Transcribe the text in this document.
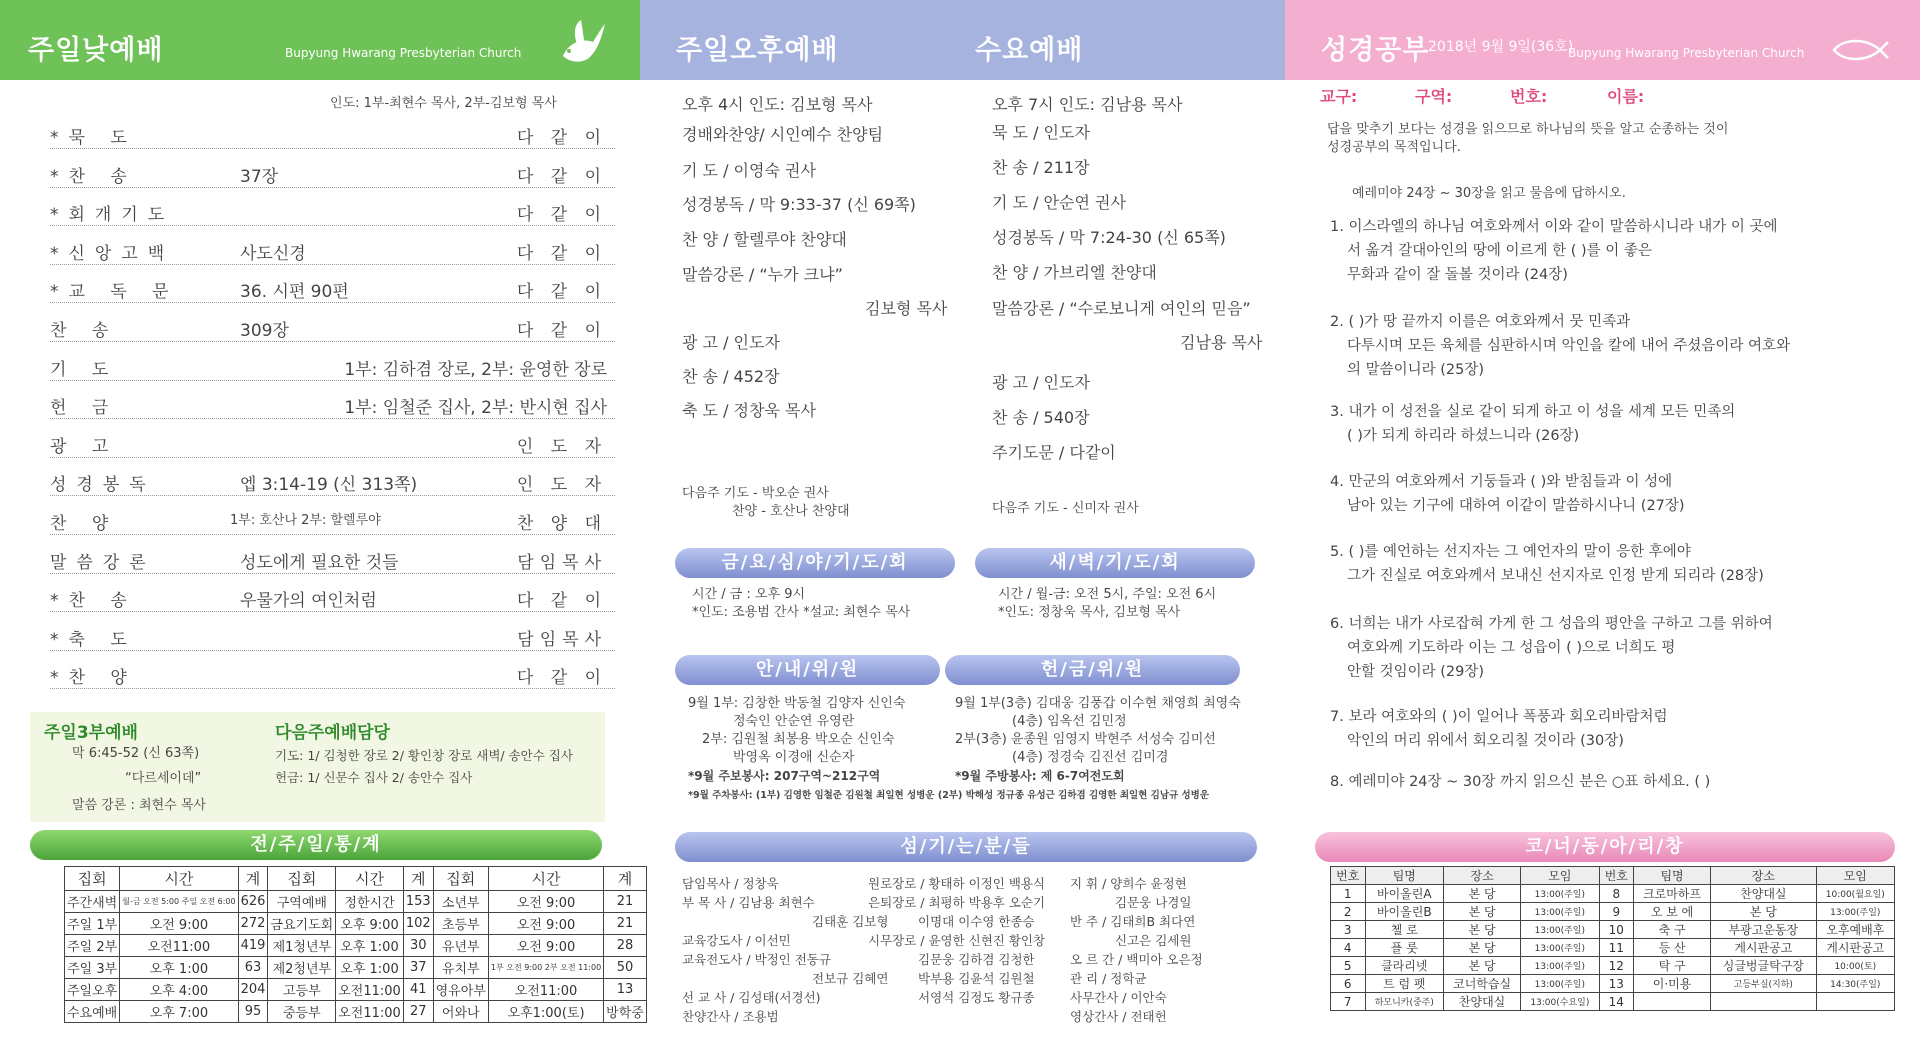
주일낮예배	Bupyung Hwarang Presbyterian Church
인도: 1부-최현수 목사, 2부-김보형 목사
*묵 도	다 같 이
*찬 송	37장	다 같 이
*회개기도	다 같 이
*신앙고백	사도신경	다 같 이
*교 독 문	36. 시편 90편	다 같 이
찬 송	309장	다 같 이
기 도	1부: 김하겸 장로, 2부: 윤영한 장로
헌 금	1부: 임철준 집사, 2부: 반시현 집사
광 고	인 도 자
성경봉독	엡 3:14-19 (신 313쪽)	인 도 자
찬 양	1부: 호산나 2부: 할렐루야	찬 양 대
말씀강론	성도에게 필요한 것들	담임목사
*찬 송	우물가의 여인처럼	다 같 이
*축 도	담임목사
*찬 양	다 같 이
주일3부예배
막 6:45-52 (신 63쪽)
“다르세이데”
말씀 강론 : 최현수 목사
다음주예배담당
기도: 1/ 김청한 장로 2/ 황인창 장로 새벽/ 송안수 집사
헌금: 1/ 신문수 집사 2/ 송안수 집사
전/주/일/통/계
집회	시간	계	집회	시간	계	집회	시간	계
주간새벽	월-금 오전 5:00 주일 오전 6:00	626	구역예배	정한시간	153	소년부	오전 9:00	21
주일 1부	오전 9:00	272	금요기도회	오후 9:00	102	초등부	오전 9:00	21
주일 2부	오전11:00	419	제1청년부	오후 1:00	30	유년부	오전 9:00	28
주일 3부	오후 1:00	63	제2청년부	오후 1:00	37	유치부	1부 오전 9:00 2부 오전 11:00	50
주일오후	오후 4:00	204	고등부	오전11:00	41	영유아부	오전11:00	13
수요예배	오후 7:00	95	중등부	오전11:00	27	어와나	오후1:00(토)	방학중
주일오후예배	수요예배
오후 4시 인도: 김보형 목사
경배와찬양/ 시인예수 찬양팀
기 도 / 이영숙 권사
성경봉독 / 막 9:33-37 (신 69쪽)
찬 양 / 할렐루야 찬양대
말씀강론 / “누가 크냐”
김보형 목사
광 고 / 인도자
찬 송 / 452장
축 도 / 정창욱 목사
다음주 기도 - 박오순 권사
찬양 - 호산나 찬양대
오후 7시 인도: 김남용 목사
묵 도 / 인도자
찬 송 / 211장
기 도 / 안순연 권사
성경봉독 / 막 7:24-30 (신 65쪽)
찬 양 / 가브리엘 찬양대
말씀강론 / “수로보니게 여인의 믿음”
김남용 목사
광 고 / 인도자
찬 송 / 540장
주기도문 / 다같이
다음주 기도 - 신미자 권사
금/요/심/야/기/도/회
시간 / 금 : 오후 9시
*인도: 조용범 간사 *설교: 최현수 목사
새/벽/기/도/회
시간 / 월-금: 오전 5시, 주일: 오전 6시
*인도: 정창욱 목사, 김보형 목사
안/내/위/원
9월 1부: 김창한 박동철 김양자 신인숙
정숙인 안순연 유영란
2부: 김원철 최봉용 박오순 신인숙
박영옥 이경애 신순자
헌/금/위/원
9월 1부(3층) 김대웅 김풍갑 이수현 채영희 최영숙
(4층) 임옥선 김민정
2부(3층) 윤종원 임영지 박현주 서성숙 김미선
(4층) 정경숙 김진선 김미경
*9월 주보봉사: 207구역~212구역	*9월 주방봉사: 제 6-7여전도회
*9월 주차봉사: (1부) 김영한 임철준 김원철 최일현 성병운 (2부) 박해성 정규종 유성근 김하겸 김영한 최일현 김남규 성병운
섬/기/는/분/들
담임목사 / 정창욱
부 목 사 / 김남용 최현수
김태훈 김보형
교육강도사 / 이선민
교육전도사 / 박정인 전동규
전보규 김혜연
선 교 사 / 김성태(서경선)
찬양간사 / 조용범
원로장로 / 황태하 이정인 백용식
은퇴장로 / 최평하 박용후 오순기
이명대 이수영 한종승
시무장로 / 윤영한 신현진 황인창
김문웅 김하겸 김청한
박부용 김윤석 김원철
서영석 김정도 황규종
지 휘 / 양희수 윤정현
김문웅 나경일
반 주 / 김태희B 최다연
신고은 김세원
오 르 간 / 백미아 오은정
관 리 / 정학균
사무간사 / 이안숙
영상간사 / 전태헌
성경공부
2018년 9월 9일(36호)
Bupyung Hwarang Presbyterian Church
교구:	구역:	번호:	이름:
답을 맞추기 보다는 성경을 읽으므로 하나님의 뜻을 알고 순종하는 것이
성경공부의 목적입니다.
예레미야 24장 ~ 30장을 읽고 물음에 답하시오.
1. 이스라엘의 하나님 여호와께서 이와 같이 말씀하시니라 내가 이 곳에
서 옮겨 갈대아인의 땅에 이르게 한 ( )를 이 좋은
무화과 같이 잘 돌볼 것이라 (24장)
2. ( )가 땅 끝까지 이를은 여호와께서 뭇 민족과
다투시며 모든 육체를 심판하시며 악인을 칼에 내어 주셨음이라 여호와
의 말씀이니라 (25장)
3. 내가 이 성전을 실로 같이 되게 하고 이 성을 세계 모든 민족의
( )가 되게 하리라 하셨느니라 (26장)
4. 만군의 여호와께서 기둥들과 ( )와 받침들과 이 성에
남아 있는 기구에 대하여 이같이 말씀하시나니 (27장)
5. ( )를 예언하는 선지자는 그 예언자의 말이 응한 후에야
그가 진실로 여호와께서 보내신 선지자로 인정 받게 되리라 (28장)
6. 너희는 내가 사로잡혀 가게 한 그 성읍의 평안을 구하고 그를 위하여
여호와께 기도하라 이는 그 성읍이 ( )으로 너희도 평
안할 것임이라 (29장)
7. 보라 여호와의 ( )이 일어나 폭풍과 회오리바람처럼
악인의 머리 위에서 회오리칠 것이라 (30장)
8. 예레미야 24장 ~ 30장 까지 읽으신 분은 ○표 하세요. ( )
코/너/동/아/리/창
번호	팀명	장소	모임	번호	팀명	장소	모임
1	바이올린A	본 당	13:00(주일)	8	크로마하프	찬양대실	10:00(월요일)
2	바이올린B	본 당	13:00(주일)	9	오 보 에	본 당	13:00(주일)
3	첼 로	본 당	13:00(주일)	10	축 구	부광고운동장	오후예배후
4	플 룻	본 당	13:00(주일)	11	등 산	게시판공고	게시판공고
5	클라리넷	본 당	13:00(주일)	12	탁 구	싱글벙글탁구장	10:00(토)
6	트 럼 펫	코너학습실	13:00(주일)	13	이·미용	고등부실(지하)	14:30(주일)
7	하모니카(중주)	찬양대실	13:00(수요일)	14			
